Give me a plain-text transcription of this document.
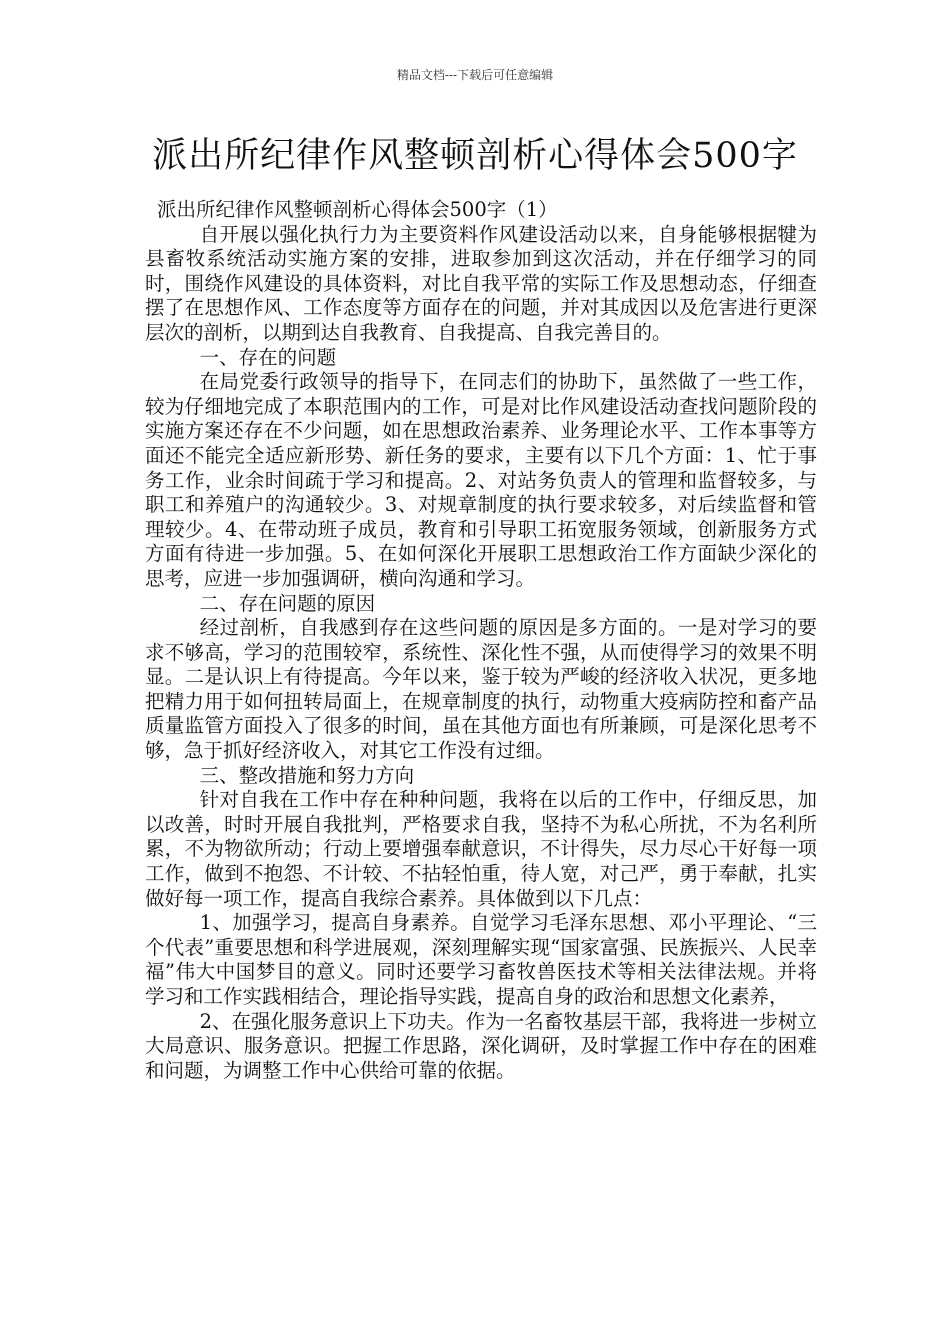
精品文档---下载后可任意编辑
派出所纪律作风整顿剖析心得体会500字

派出所纪律作风整顿剖析心得体会500字（1）

自开展以强化执行力为主要资料作风建设活动以来，自身能够根据犍为县畜牧系统活动实施方案的安排，进取参加到这次活动，并在仔细学习的同时，围绕作风建设的具体资料，对比自我平常的实际工作及思想动态，仔细查摆了在思想作风、工作态度等方面存在的问题，并对其成因以及危害进行更深层次的剖析，以期到达自我教育、自我提高、自我完善目的。

一、存在的问题

在局党委行政领导的指导下，在同志们的协助下，虽然做了一些工作，较为仔细地完成了本职范围内的工作，可是对比作风建设活动查找问题阶段的实施方案还存在不少问题，如在思想政治素养、业务理论水平、工作本事等方面还不能完全适应新形势、新任务的要求，主要有以下几个方面：1、忙于事务工作，业余时间疏于学习和提高。2、对站务负责人的管理和监督较多，与职工和养殖户的沟通较少。3、对规章制度的执行要求较多，对后续监督和管理较少。4、在带动班子成员，教育和引导职工拓宽服务领域，创新服务方式方面有待进一步加强。5、在如何深化开展职工思想政治工作方面缺少深化的思考，应进一步加强调研，横向沟通和学习。

二、存在问题的原因

经过剖析，自我感到存在这些问题的原因是多方面的。一是对学习的要求不够高，学习的范围较窄，系统性、深化性不强，从而使得学习的效果不明显。二是认识上有待提高。今年以来，鉴于较为严峻的经济收入状况，更多地把精力用于如何扭转局面上，在规章制度的执行，动物重大疫病防控和畜产品质量监管方面投入了很多的时间，虽在其他方面也有所兼顾，可是深化思考不够，急于抓好经济收入，对其它工作没有过细。

三、整改措施和努力方向

针对自我在工作中存在种种问题，我将在以后的工作中，仔细反思，加以改善，时时开展自我批判，严格要求自我，坚持不为私心所扰，不为名利所累，不为物欲所动；行动上要增强奉献意识，不计得失，尽力尽心干好每一项工作，做到不抱怨、不计较、不拈轻怕重，待人宽，对己严，勇于奉献，扎实做好每一项工作，提高自我综合素养。具体做到以下几点：

1、加强学习，提高自身素养。自觉学习毛泽东思想、邓小平理论、“三个代表”重要思想和科学进展观，深刻理解实现“国家富强、民族振兴、人民幸福”伟大中国梦目的意义。同时还要学习畜牧兽医技术等相关法律法规。并将学习和工作实践相结合，理论指导实践，提高自身的政治和思想文化素养，

2、在强化服务意识上下功夫。作为一名畜牧基层干部，我将进一步树立大局意识、服务意识。把握工作思路，深化调研，及时掌握工作中存在的困难和问题，为调整工作中心供给可靠的依据。
